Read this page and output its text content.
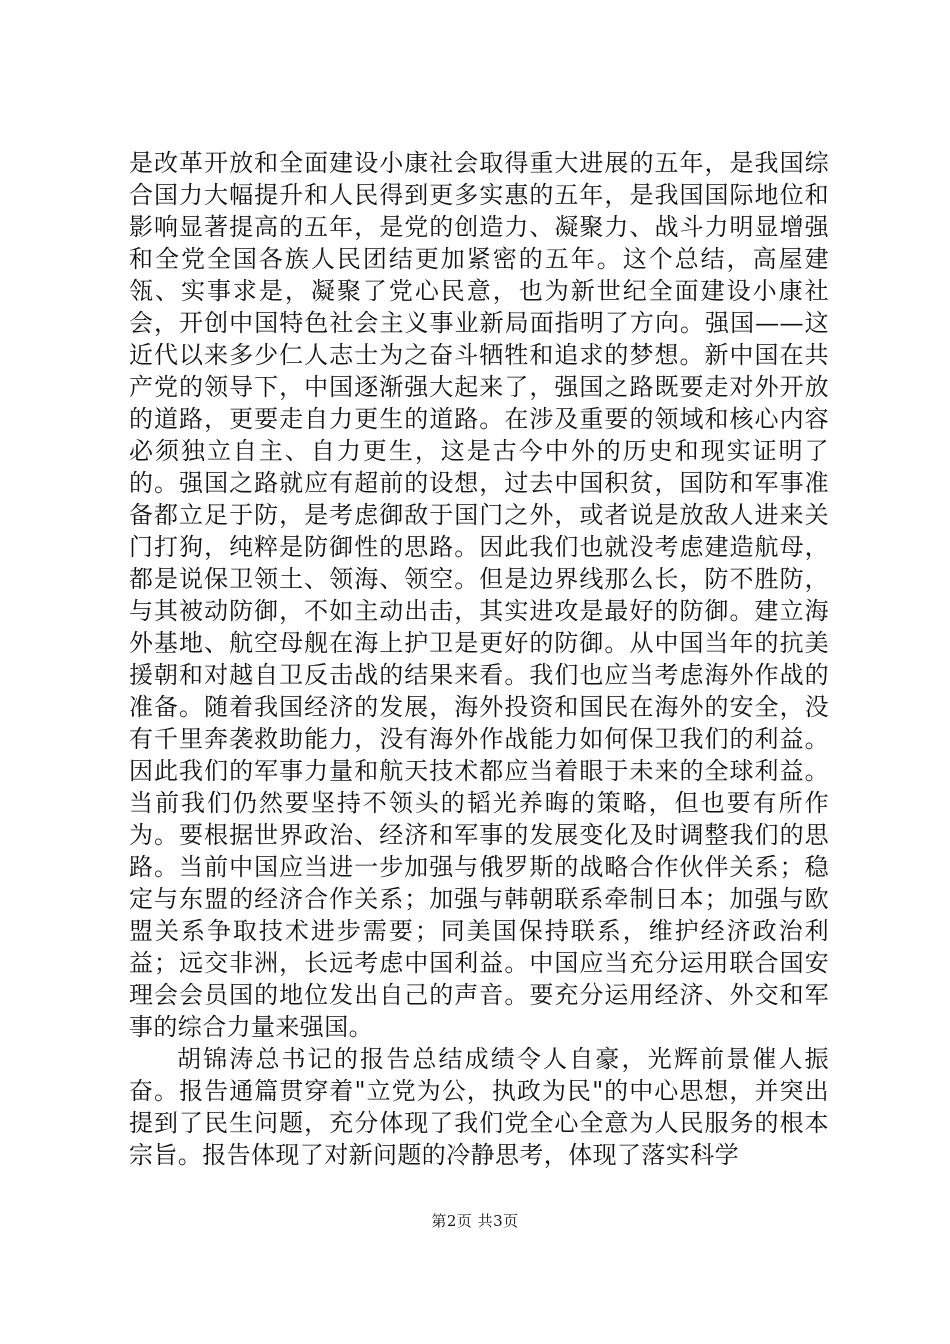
是改革开放和全面建设小康社会取得重大进展的五年，是我国综合国力大幅提升和人民得到更多实惠的五年，是我国国际地位和影响显著提高的五年，是党的创造力、凝聚力、战斗力明显增强和全党全国各族人民团结更加紧密的五年。这个总结，高屋建瓴、实事求是，凝聚了党心民意，也为新世纪全面建设小康社会，开创中国特色社会主义事业新局面指明了方向。强国——这近代以来多少仁人志士为之奋斗牺牲和追求的梦想。新中国在共产党的领导下，中国逐渐强大起来了，强国之路既要走对外开放的道路，更要走自力更生的道路。在涉及重要的领域和核心内容必须独立自主、自力更生，这是古今中外的历史和现实证明了的。强国之路就应有超前的设想，过去中国积贫，国防和军事准备都立足于防，是考虑御敌于国门之外，或者说是放敌人进来关门打狗，纯粹是防御性的思路。因此我们也就没考虑建造航母，都是说保卫领土、领海、领空。但是边界线那么长，防不胜防，与其被动防御，不如主动出击，其实进攻是最好的防御。建立海外基地、航空母舰在海上护卫是更好的防御。从中国当年的抗美援朝和对越自卫反击战的结果来看。我们也应当考虑海外作战的准备。随着我国经济的发展，海外投资和国民在海外的安全，没有千里奔袭救助能力，没有海外作战能力如何保卫我们的利益。因此我们的军事力量和航天技术都应当着眼于未来的全球利益。当前我们仍然要坚持不领头的韬光养晦的策略，但也要有所作为。要根据世界政治、经济和军事的发展变化及时调整我们的思路。当前中国应当进一步加强与俄罗斯的战略合作伙伴关系；稳定与东盟的经济合作关系；加强与韩朝联系牵制日本；加强与欧盟关系争取技术进步需要；同美国保持联系，维护经济政治利益；远交非洲，长远考虑中国利益。中国应当充分运用联合国安理会会员国的地位发出自己的声音。要充分运用经济、外交和军事的综合力量来强国。

胡锦涛总书记的报告总结成绩令人自豪，光辉前景催人振奋。报告通篇贯穿着"立党为公，执政为民"的中心思想，并突出提到了民生问题，充分体现了我们党全心全意为人民服务的根本宗旨。报告体现了对新问题的冷静思考，体现了落实科学

第2页 共3页
